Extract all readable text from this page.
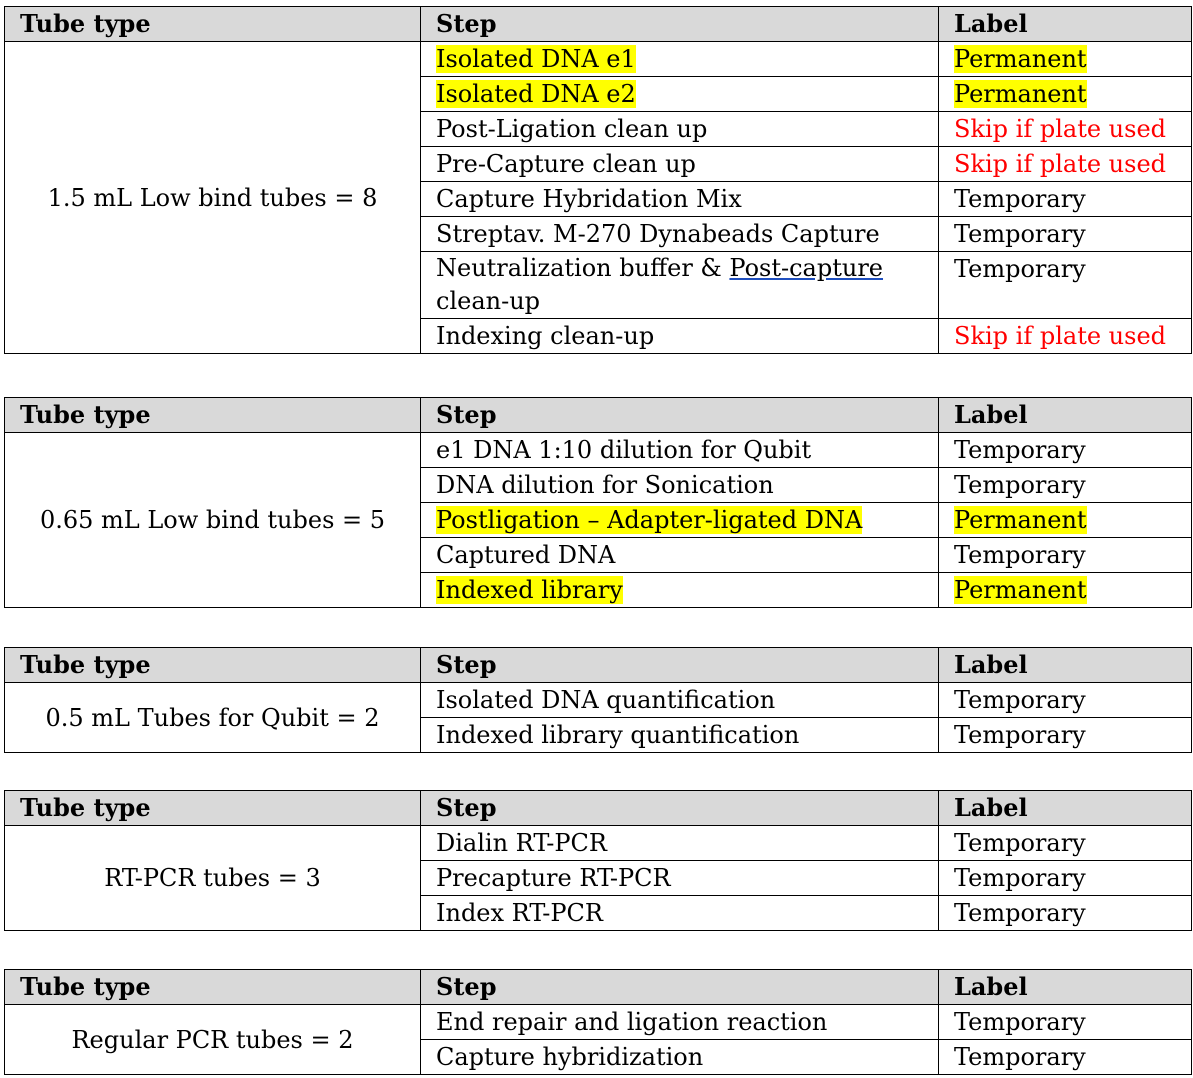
Tube type	Step	Label
1.5 mL Low bind tubes = 8	Isolated DNA e1	Permanent
	Isolated DNA e2	Permanent
	Post-Ligation clean up	Skip if plate used
	Pre-Capture clean up	Skip if plate used
	Capture Hybridation Mix	Temporary
	Streptav. M-270 Dynabeads Capture	Temporary
	Neutralization buffer & Post-capture clean-up	Temporary
	Indexing clean-up	Skip if plate used
Tube type	Step	Label
0.65 mL Low bind tubes = 5	e1 DNA 1:10 dilution for Qubit	Temporary
	DNA dilution for Sonication	Temporary
	Postligation – Adapter-ligated DNA	Permanent
	Captured DNA	Temporary
	Indexed library	Permanent
Tube type	Step	Label
0.5 mL Tubes for Qubit = 2	Isolated DNA quantification	Temporary
	Indexed library quantification	Temporary
Tube type	Step	Label
RT-PCR tubes = 3	Dialin RT-PCR	Temporary
	Precapture RT-PCR	Temporary
	Index RT-PCR	Temporary
Tube type	Step	Label
Regular PCR tubes = 2	End repair and ligation reaction	Temporary
	Capture hybridization	Temporary
